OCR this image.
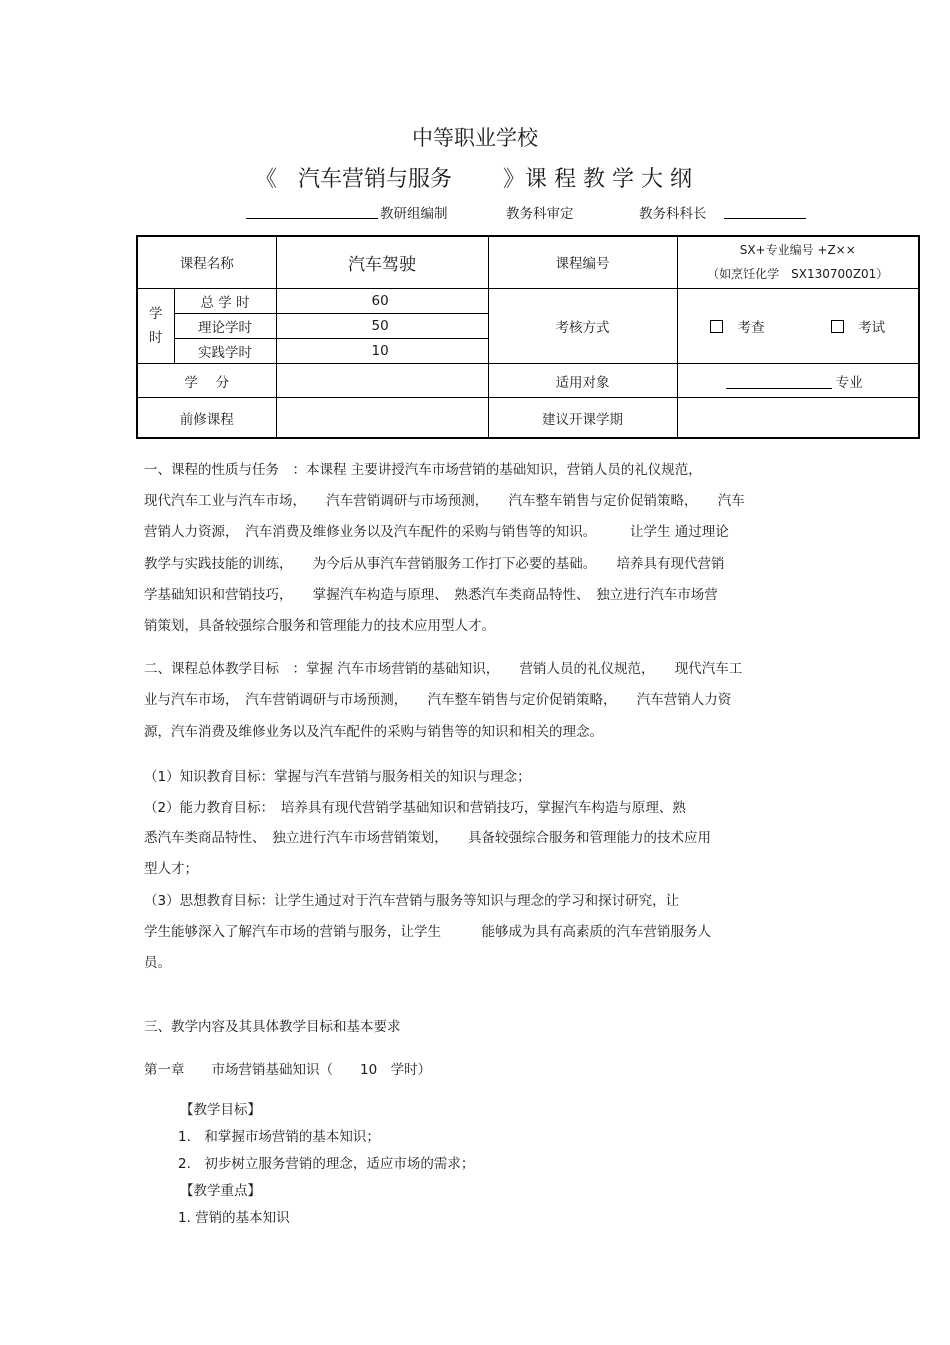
中等职业学校
《 汽车营销与服务 》课 程 教 学 大 纲
教研组编制	教务科审定	教务科科长
课程名称		汽车驾驶	课程编号	SX+专业编号 +Z××
（如烹饪化学　SX130700Z01）

学
时	总 学 时	60	考核方式	考查 考试
	理论学时	50		
	实践学时	10		
学　 分			适用对象	专业
前修课程			建议开课学期	
一、课程的性质与任务　：本课程 主要讲授汽车市场营销的基础知识，营销人员的礼仪规范，
现代汽车工业与汽车市场，　　汽车营销调研与市场预测，　　汽车整车销售与定价促销策略，　　汽车
营销人力资源，　汽车消费及维修业务以及汽车配件的采购与销售等的知识。　　　让学生 通过理论
教学与实践技能的训练，　　为今后从事汽车营销服务工作打下必要的基础。　　培养具有现代营销
学基础知识和营销技巧，　　掌握汽车构造与原理、　熟悉汽车类商品特性、　独立进行汽车市场营
销策划，具备较强综合服务和管理能力的技术应用型人才。
二、课程总体教学目标　：掌握 汽车市场营销的基础知识，　　营销人员的礼仪规范，　　现代汽车工
业与汽车市场，　汽车营销调研与市场预测，　　汽车整车销售与定价促销策略，　　汽车营销人力资
源，汽车消费及维修业务以及汽车配件的采购与销售等的知识和相关的理念。
（1）知识教育目标：掌握与汽车营销与服务相关的知识与理念；
（2）能力教育目标：　培养具有现代营销学基础知识和营销技巧，掌握汽车构造与原理、熟
悉汽车类商品特性、　独立进行汽车市场营销策划，　　具备较强综合服务和管理能力的技术应用
型人才；
（3）思想教育目标：让学生通过对于汽车营销与服务等知识与理念的学习和探讨研究，让
学生能够深入了解汽车市场的营销与服务，让学生　　　能够成为具有高素质的汽车营销服务人
员。
三、教学内容及其具体教学目标和基本要求
第一章　　市场营销基础知识（　　10　学时）
【教学目标】
1.　和掌握市场营销的基本知识；
2.　初步树立服务营销的理念，适应市场的需求；
【教学重点】
1. 营销的基本知识
